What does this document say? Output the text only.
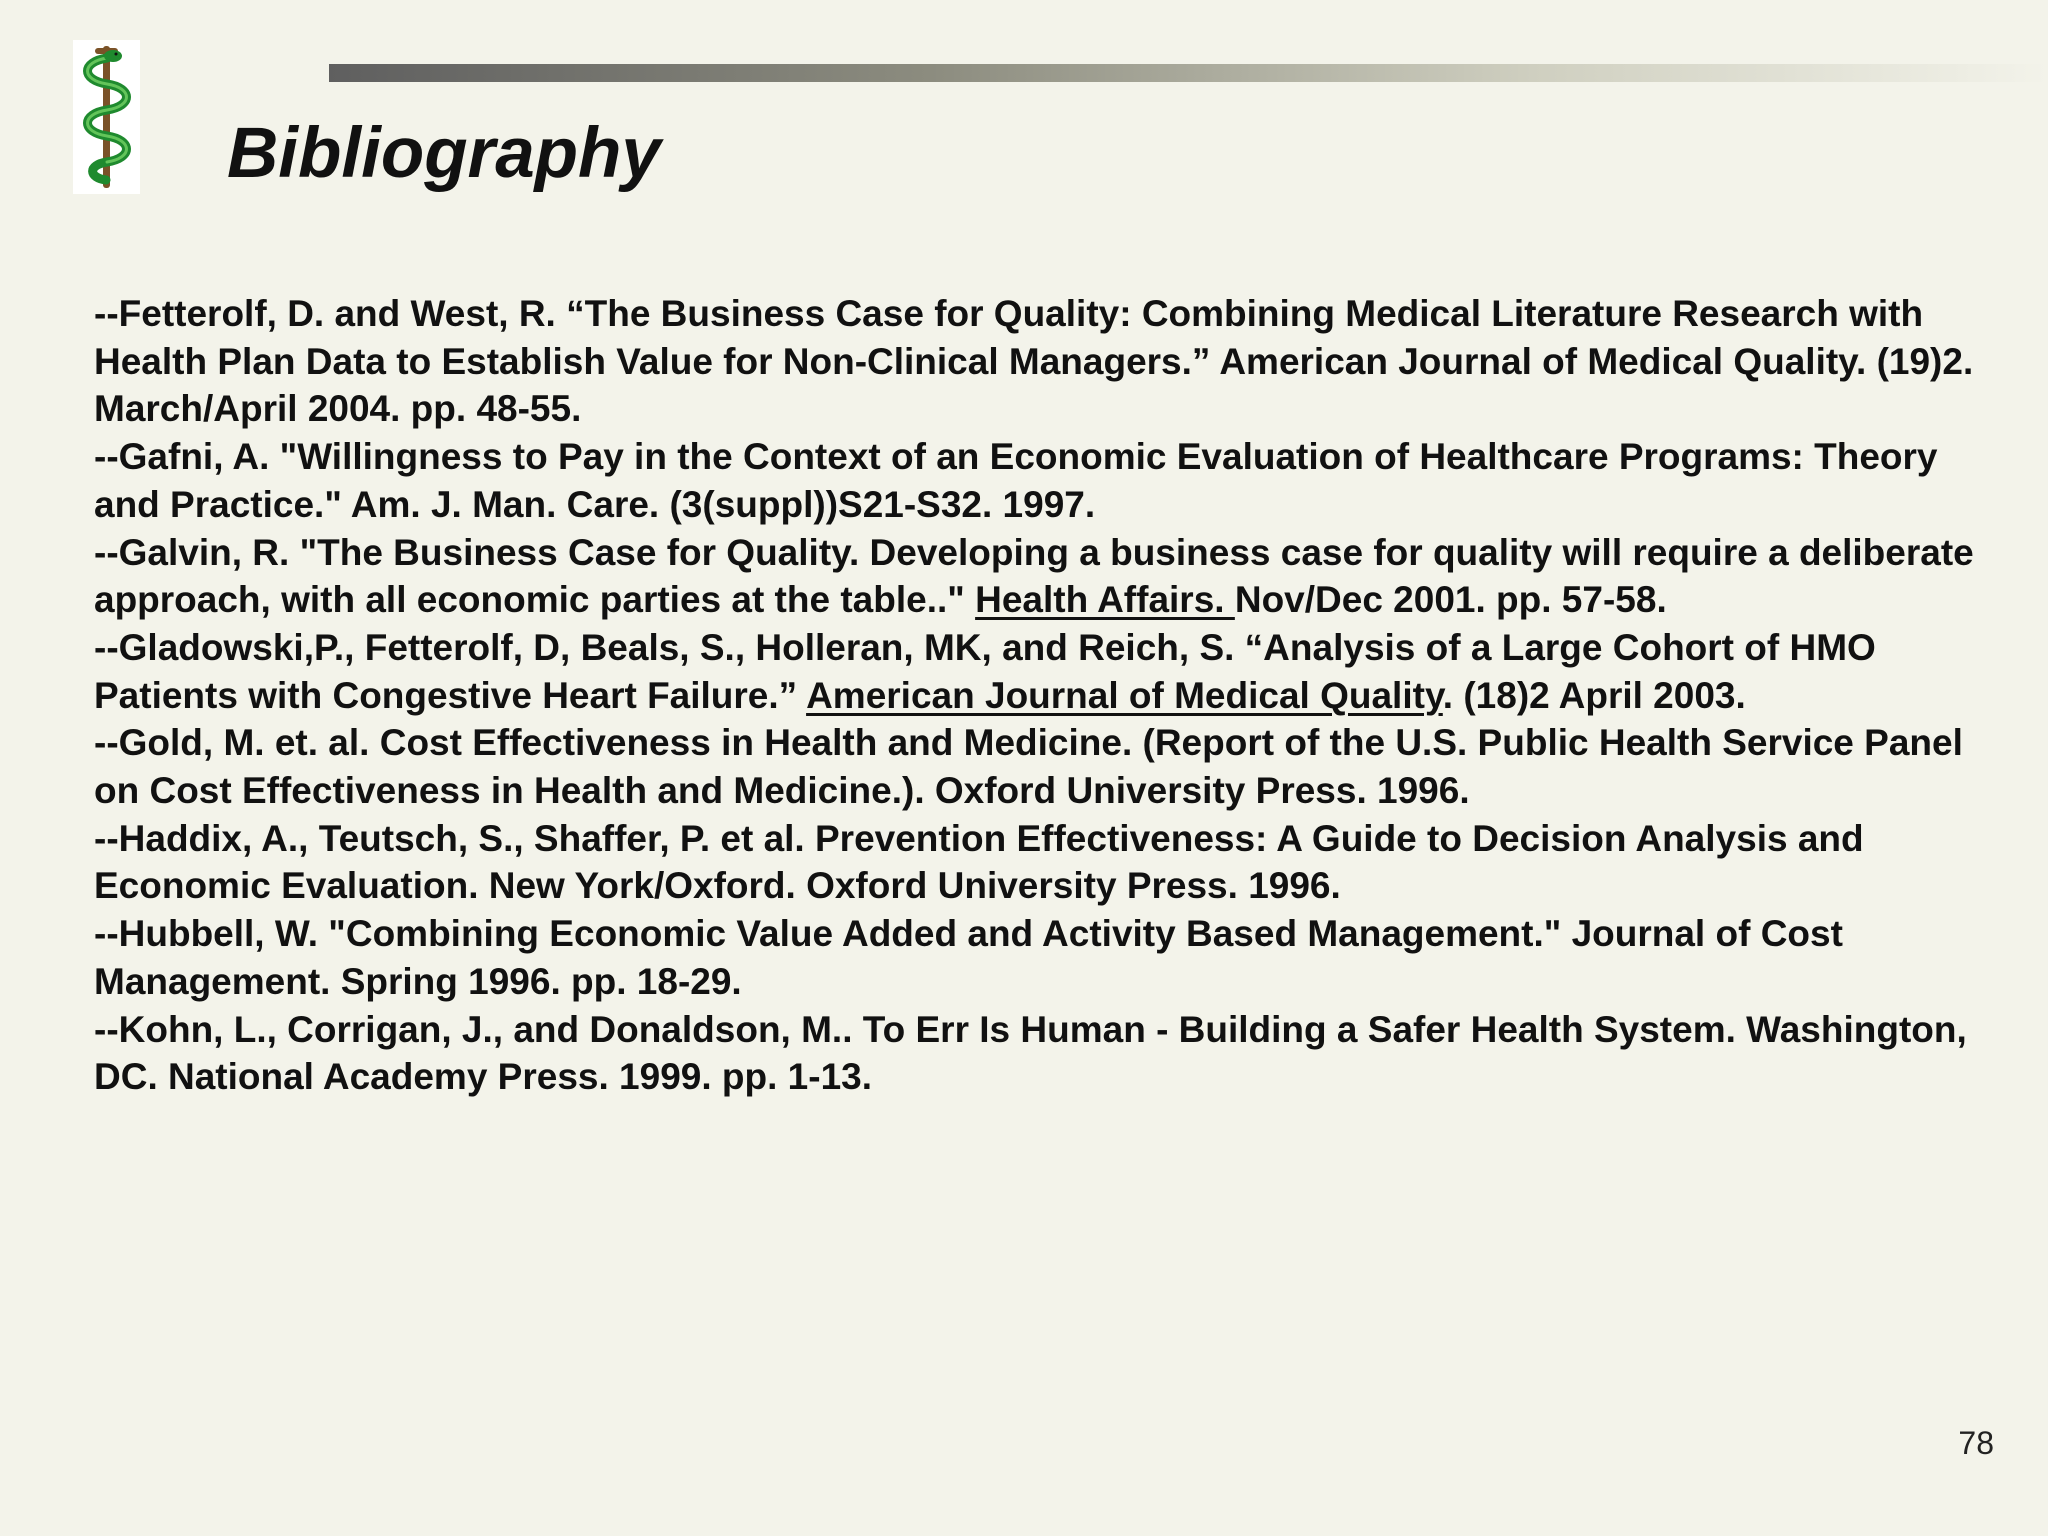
Bibliography

--Fetterolf, D. and West, R. “The Business Case for Quality: Combining Medical Literature Research with Health Plan Data to Establish Value for Non-Clinical Managers.” American Journal of Medical Quality. (19)2. March/April 2004. pp. 48-55.

--Gafni, A. "Willingness to Pay in the Context of an Economic Evaluation of Healthcare Programs: Theory and Practice." Am. J. Man. Care. (3(suppl))S21-S32. 1997.

--Galvin, R. "The Business Case for Quality. Developing a business case for quality will require a deliberate approach, with all economic parties at the table.." Health Affairs. Nov/Dec 2001. pp. 57-58.

--Gladowski,P., Fetterolf, D, Beals, S., Holleran, MK, and Reich, S. “Analysis of a Large Cohort of HMO Patients with Congestive Heart Failure.” American Journal of Medical Quality. (18)2 April 2003.

--Gold, M. et. al. Cost Effectiveness in Health and Medicine. (Report of the U.S. Public Health Service Panel on Cost Effectiveness in Health and Medicine.). Oxford University Press. 1996.

--Haddix, A., Teutsch, S., Shaffer, P. et al. Prevention Effectiveness: A Guide to Decision Analysis and Economic Evaluation. New York/Oxford. Oxford University Press. 1996.

--Hubbell, W. "Combining Economic Value Added and Activity Based Management." Journal of Cost Management. Spring 1996. pp. 18-29.

--Kohn, L., Corrigan, J., and Donaldson, M.. To Err Is Human - Building a Safer Health System. Washington, DC. National Academy Press. 1999. pp. 1-13.

78
